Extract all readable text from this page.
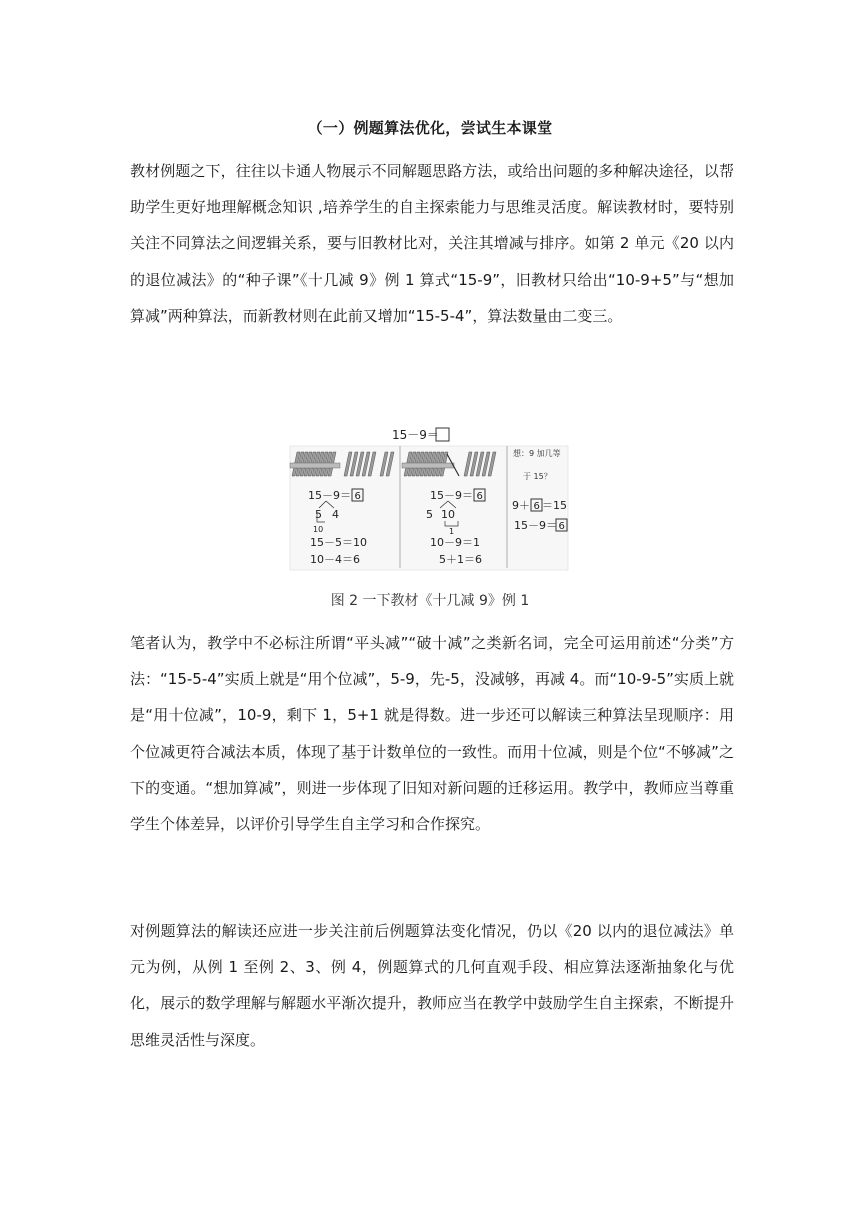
（一）例题算法优化，尝试生本课堂

教材例题之下，往往以卡通人物展示不同解题思路方法，或给出问题的多种解决途径，以帮助学生更好地理解概念知识 ,培养学生的自主探索能力与思维灵活度。解读教材时，要特别关注不同算法之间逻辑关系，要与旧教材比对，关注其增减与排序。如第 2 单元《20 以内的退位减法》的“种子课”《十几减 9》例 1 算式“15-9”，旧教材只给出“10-9+5”与“想加算减”两种算法，而新教材则在此前又增加“15-5-4”，算法数量由二变三。

15－9＝
15－9＝ 6
5 4
10
15－5＝10
10－4＝6
15－9＝ 6
5 10
1
10－9＝1
5＋1＝6
想：9 加几等
于 15？
9＋ 6 ＝15
15－9＝ 6
图 2 一下教材《十几减 9》例 1

笔者认为，教学中不必标注所谓“平头减”“破十减”之类新名词，完全可运用前述“分类”方法：“15-5-4”实质上就是“用个位减”，5-9，先-5，没减够，再减 4。而“10-9-5”实质上就是“用十位减”，10-9，剩下 1，5+1 就是得数。进一步还可以解读三种算法呈现顺序：用个位减更符合减法本质，体现了基于计数单位的一致性。而用十位减，则是个位“不够减”之下的变通。“想加算减”，则进一步体现了旧知对新问题的迁移运用。教学中，教师应当尊重学生个体差异，以评价引导学生自主学习和合作探究。

对例题算法的解读还应进一步关注前后例题算法变化情况，仍以《20 以内的退位减法》单元为例，从例 1 至例 2、3、例 4，例题算式的几何直观手段、相应算法逐渐抽象化与优化，展示的数学理解与解题水平渐次提升，教师应当在教学中鼓励学生自主探索，不断提升思维灵活性与深度。
